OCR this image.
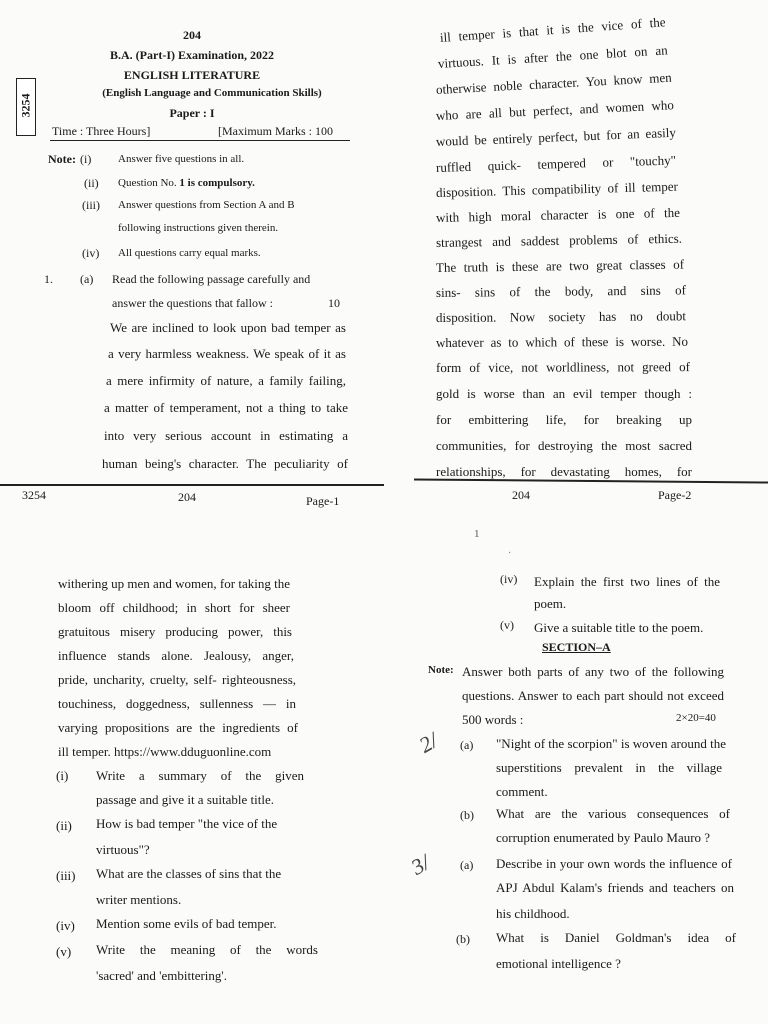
204
B.A. (Part-I) Examination, 2022
ENGLISH LITERATURE
(English Language and Communication Skills)
Paper : I
3254
Time : Three Hours]	[Maximum Marks : 100
Note: (i) Answer five questions in all.
(ii) Question No. 1 is compulsory.
(iii) Answer questions from Section A and B
following instructions given therein.
(iv) All questions carry equal marks.
1. (a) Read the following passage carefully and
answer the questions that fallow :	10
We are inclined to look upon bad temper as
a very harmless weakness. We speak of it as
a mere infirmity of nature, a family failing,
a matter of temperament, not a thing to take
into very serious account in estimating a
human being's character. The peculiarity of
3254	204	Page-1
ill temper is that it is the vice of the
virtuous. It is after the one blot on an
otherwise noble character. You know men
who are all but perfect, and women who
would be entirely perfect, but for an easily
ruffled quick- tempered or "touchy"
disposition. This compatibility of ill temper
with high moral character is one of the
strangest and saddest problems of ethics.
The truth is these are two great classes of
sins- sins of the body, and sins of
disposition. Now society has no doubt
whatever as to which of these is worse. No
form of vice, not worldliness, not greed of
gold is worse than an evil temper though :
for embittering life, for breaking up
communities, for destroying the most sacred
relationships, for devastating homes, for
204	Page-2
withering up men and women, for taking the
bloom off childhood; in short for sheer
gratuitous misery producing power, this
influence stands alone. Jealousy, anger,
pride, uncharity, cruelty, self- righteousness,
touchiness, doggedness, sullenness — in
varying propositions are the ingredients of
ill temper. https://www.dduguonline.com
(i) Write a summary of the given
passage and give it a suitable title.
(ii) How is bad temper "the vice of the
virtuous"?
(iii) What are the classes of sins that the
writer mentions.
(iv) Mention some evils of bad temper.
(v) Write the meaning of the words
'sacred' and 'embittering'.
1
(iv) Explain the first two lines of the
poem.
(v) Give a suitable title to the poem.
SECTION–A
Note: Answer both parts of any two of the following
questions. Answer to each part should not exceed
500 words :	2×20=40
2/ (a) "Night of the scorpion" is woven around the
superstitions prevalent in the village
comment.
(b) What are the various consequences of
corruption enumerated by Paulo Mauro ?
3/ (a) Describe in your own words the influence of
APJ Abdul Kalam's friends and teachers on
his childhood.
(b) What is Daniel Goldman's idea of
emotional intelligence ?
·
